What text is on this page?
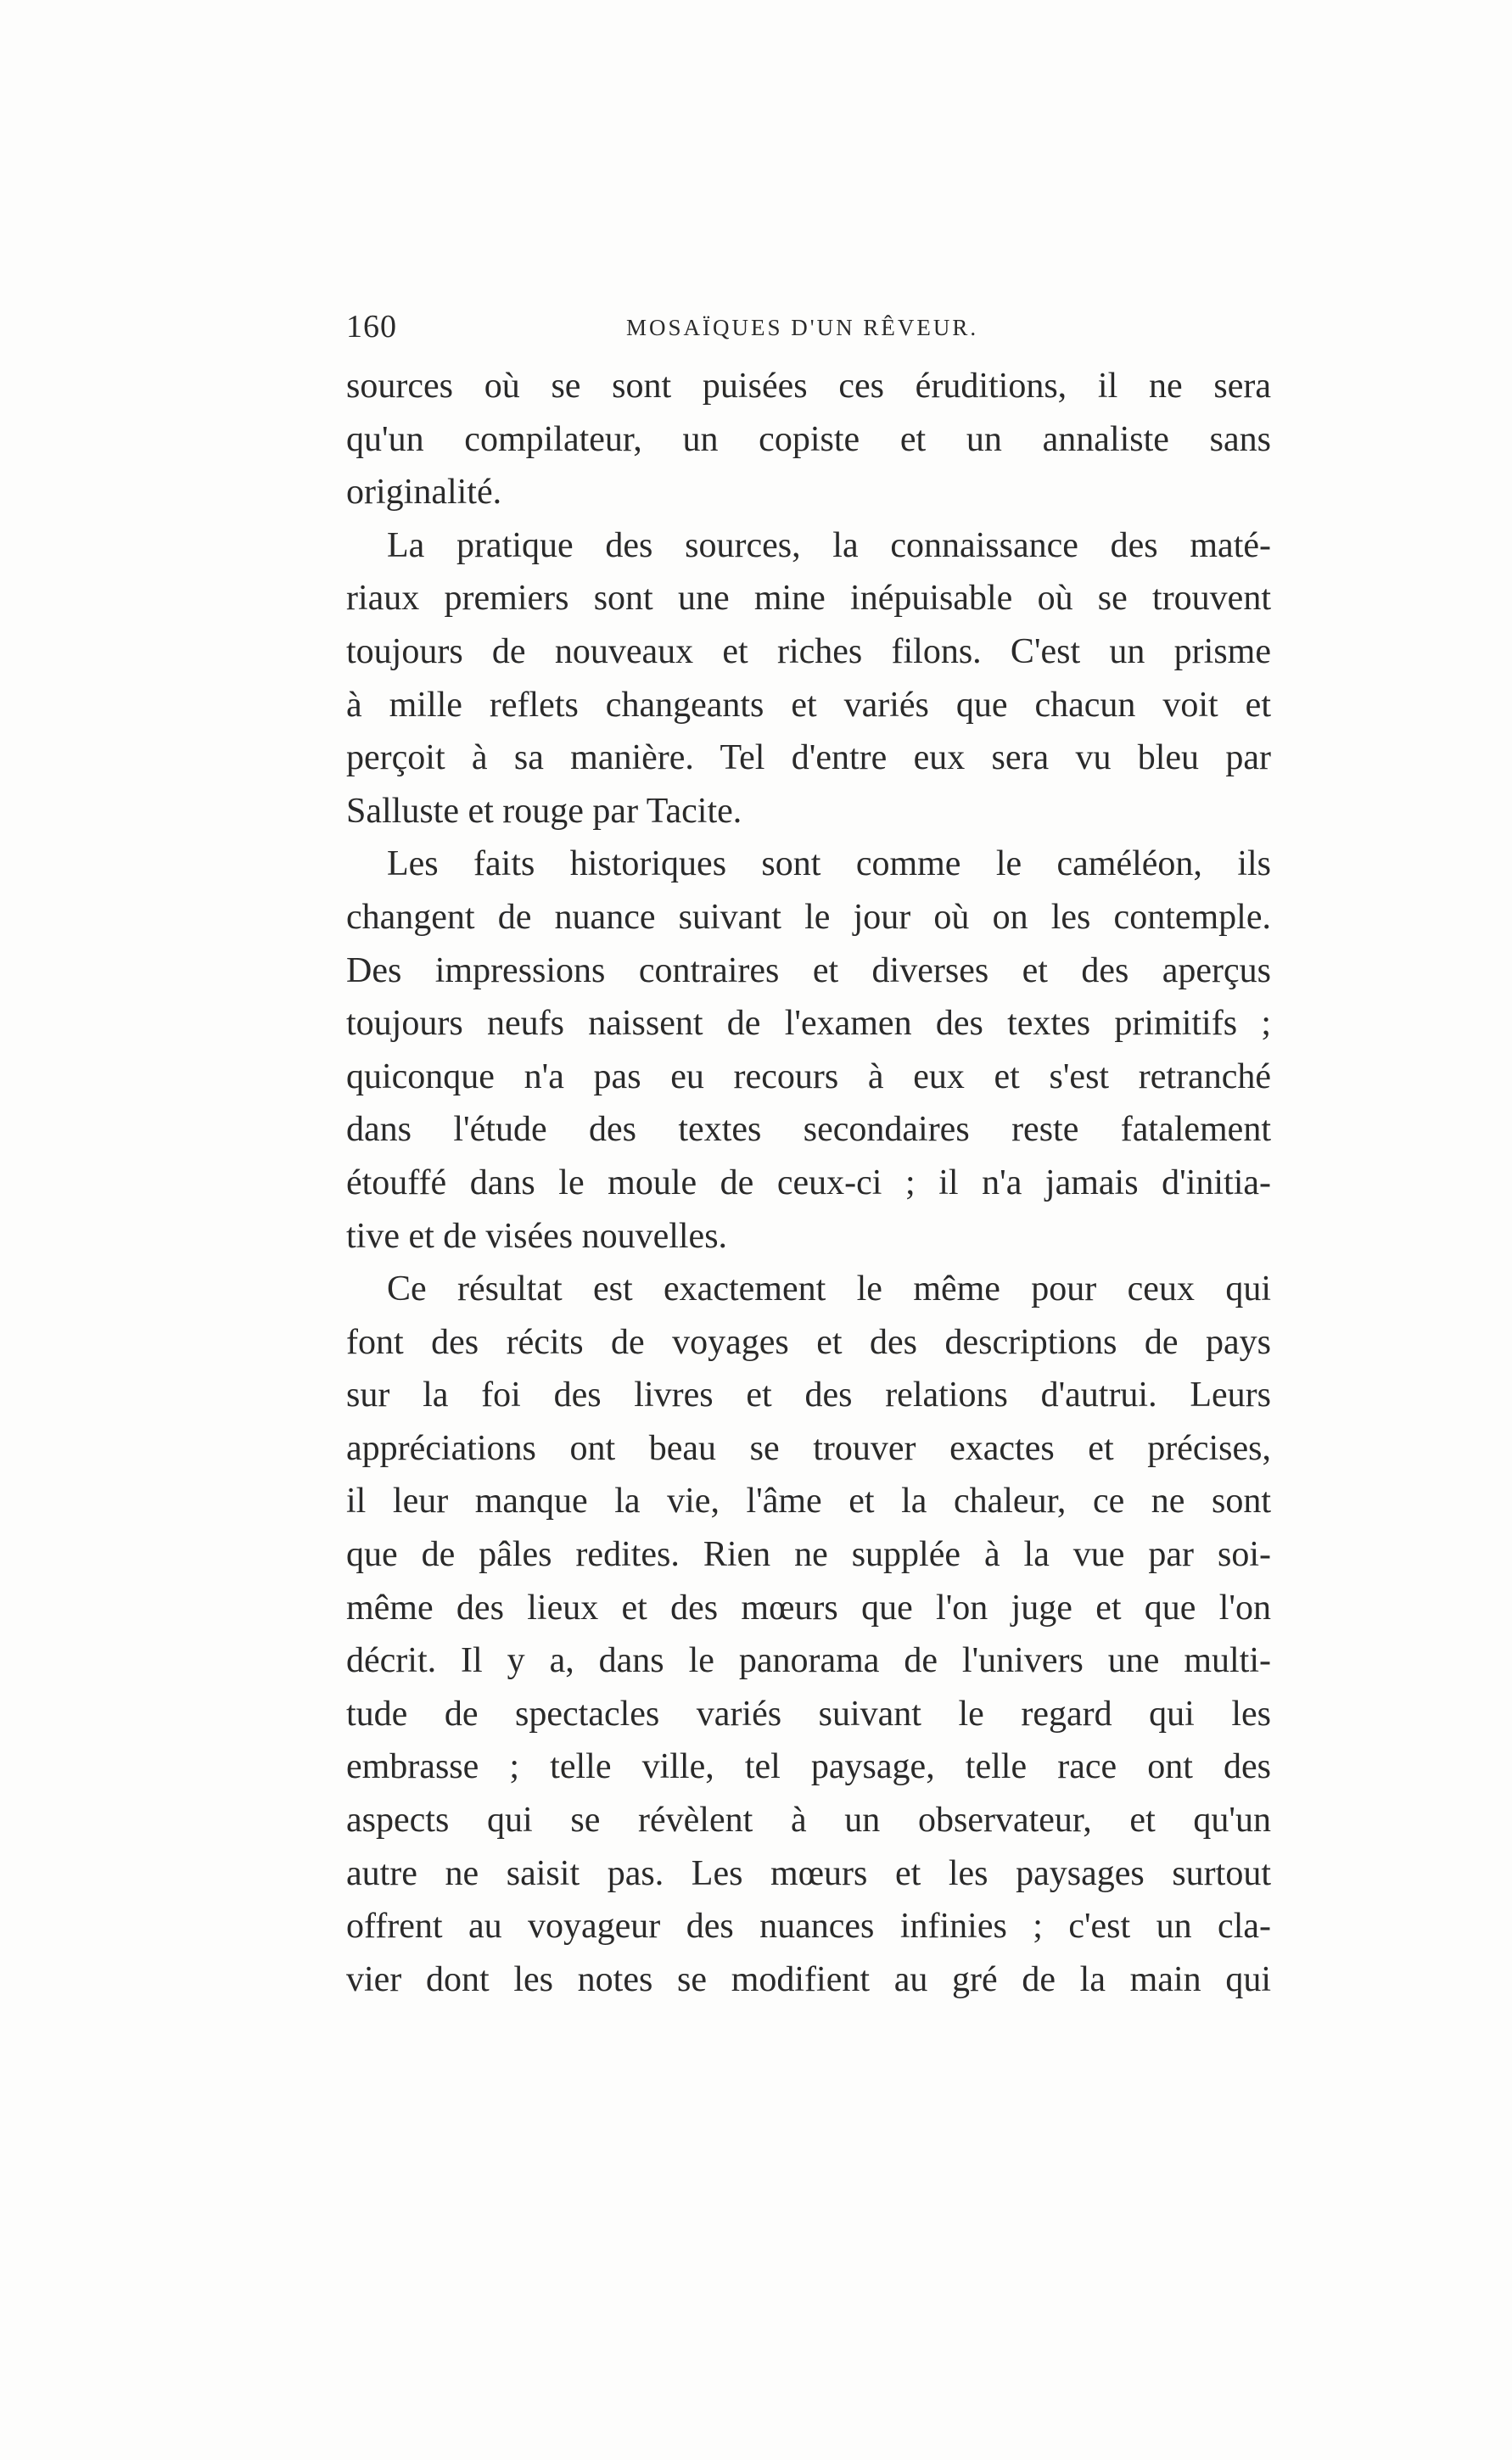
160	MOSAÏQUES D'UN RÊVEUR.
sources où se sont puisées ces éruditions, il ne sera
qu'un compilateur, un copiste et un annaliste sans
originalité.
La pratique des sources, la connaissance des maté-
riaux premiers sont une mine inépuisable où se trouvent
toujours de nouveaux et riches filons. C'est un prisme
à mille reflets changeants et variés que chacun voit et
perçoit à sa manière. Tel d'entre eux sera vu bleu par
Salluste et rouge par Tacite.
Les faits historiques sont comme le caméléon, ils
changent de nuance suivant le jour où on les contemple.
Des impressions contraires et diverses et des aperçus
toujours neufs naissent de l'examen des textes primitifs ;
quiconque n'a pas eu recours à eux et s'est retranché
dans l'étude des textes secondaires reste fatalement
étouffé dans le moule de ceux-ci ; il n'a jamais d'initia-
tive et de visées nouvelles.
Ce résultat est exactement le même pour ceux qui
font des récits de voyages et des descriptions de pays
sur la foi des livres et des relations d'autrui. Leurs
appréciations ont beau se trouver exactes et précises,
il leur manque la vie, l'âme et la chaleur, ce ne sont
que de pâles redites. Rien ne supplée à la vue par soi-
même des lieux et des mœurs que l'on juge et que l'on
décrit. Il y a, dans le panorama de l'univers une multi-
tude de spectacles variés suivant le regard qui les
embrasse ; telle ville, tel paysage, telle race ont des
aspects qui se révèlent à un observateur, et qu'un
autre ne saisit pas. Les mœurs et les paysages surtout
offrent au voyageur des nuances infinies ; c'est un cla-
vier dont les notes se modifient au gré de la main qui
